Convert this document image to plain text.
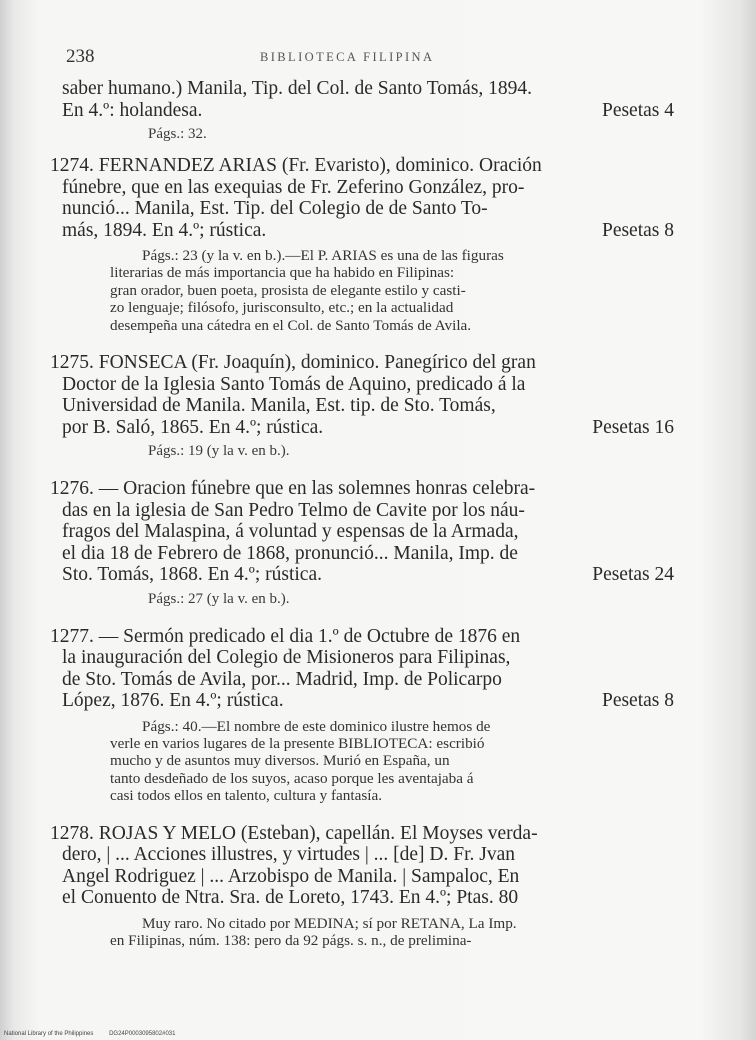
238	BIBLIOTECA FILIPINA
saber humano.) Manila, Tip. del Col. de Santo Tomás, 1894.
En 4.º: holandesa.	Pesetas 4
Págs.: 32.
1274. FERNANDEZ ARIAS (Fr. Evaristo), dominico. Oración
fúnebre, que en las exequias de Fr. Zeferino González, pro-
nunció... Manila, Est. Tip. del Colegio de de Santo To-
más, 1894. En 4.º; rústica.	Pesetas 8
Págs.: 23 (y la v. en b.).—El P. ARIAS es una de las figuras
literarias de más importancia que ha habido en Filipinas:
gran orador, buen poeta, prosista de elegante estilo y casti-
zo lenguaje; filósofo, jurisconsulto, etc.; en la actualidad
desempeña una cátedra en el Col. de Santo Tomás de Avila.
1275. FONSECA (Fr. Joaquín), dominico. Panegírico del gran
Doctor de la Iglesia Santo Tomás de Aquino, predicado á la
Universidad de Manila. Manila, Est. tip. de Sto. Tomás,
por B. Saló, 1865. En 4.º; rústica.	Pesetas 16
Págs.: 19 (y la v. en b.).
1276. — Oracion fúnebre que en las solemnes honras celebra-
das en la iglesia de San Pedro Telmo de Cavite por los náu-
fragos del Malaspina, á voluntad y espensas de la Armada,
el dia 18 de Febrero de 1868, pronunció... Manila, Imp. de
Sto. Tomás, 1868. En 4.º; rústica.	Pesetas 24
Págs.: 27 (y la v. en b.).
1277. — Sermón predicado el dia 1.º de Octubre de 1876 en
la inauguración del Colegio de Misioneros para Filipinas,
de Sto. Tomás de Avila, por... Madrid, Imp. de Policarpo
López, 1876. En 4.º; rústica.	Pesetas 8
Págs.: 40.—El nombre de este dominico ilustre hemos de
verle en varios lugares de la presente BIBLIOTECA: escribió
mucho y de asuntos muy diversos. Murió en España, un
tanto desdeñado de los suyos, acaso porque les aventajaba á
casi todos ellos en talento, cultura y fantasía.
1278. ROJAS Y MELO (Esteban), capellán. El Moyses verda-
dero, | ... Acciones illustres, y virtudes | ... [de] D. Fr. Jvan
Angel Rodriguez | ... Arzobispo de Manila. | Sampaloc, En
el Conuento de Ntra. Sra. de Loreto, 1743. En 4.º; Ptas. 80
Muy raro. No citado por MEDINA; sí por RETANA, La Imp.
en Filipinas, núm. 138: pero da 92 págs. s. n., de prelimina-
National Library of the Philippines	DG24P0003095802#031
